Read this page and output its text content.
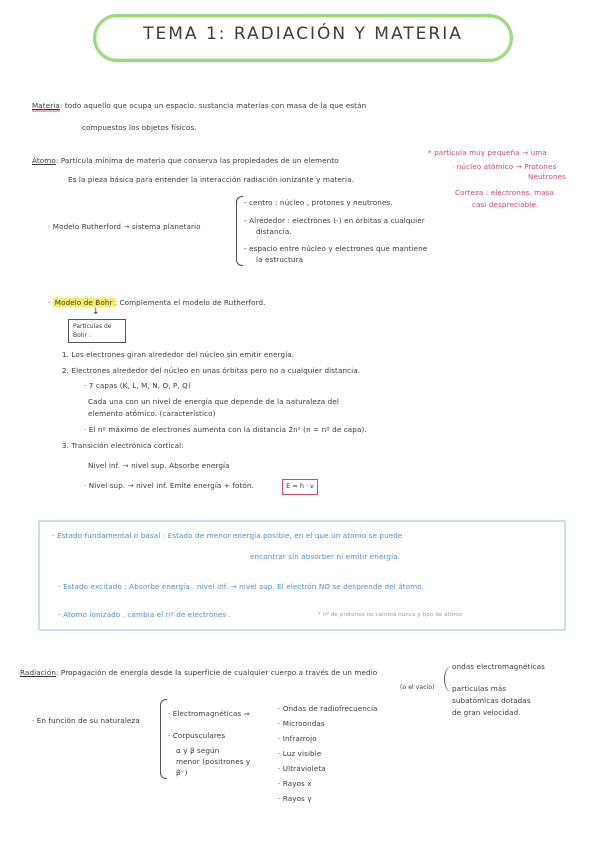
TEMA 1: RADIACIÓN Y MATERIA
Materia: todo aquello que ocupa un espacio. sustancia materias con masa de la que están
compuestos los objetos físicos.
Átomo: Partícula mínima de materia que conserva las propiedades de un elemento
Es la pieza básica para entender la interacción radiación ionizante y materia.
* partícula muy pequeña → uma
· núcleo atómico → Protones
Neutrones
Corteza : electrones. masa
casi despreciable.
· Modelo Rutherford → sistema planetario
- centro : núcleo , protones y neutrones.
- Alrededor : electrones (-) en órbitas a cualquier
distancia.
- espacio entre núcleo y electrones que mantiene
la estructura
· Modelo de Bohr : Complementa el modelo de Rutherford.
↓
Partículas de
Bohr :
1. Los electrones giran alrededor del núcleo sin emitir energía.
2. Electrones alrededor del núcleo en unas órbitas pero no a cualquier distancia.
· 7 capas (K, L, M, N, O, P, Q)
Cada una con un nivel de energía que depende de la naturaleza del
elemento atómico. (característico)
· El nº máximo de electrones aumenta con la distancia 2n² (n = nº de capa).
3. Transición electrónica cortical:
Nivel inf. → nivel sup. Absorbe energía
· Nivel sup. → nivel inf. Emite energía + fotón.	E = h · ν
- Estado fundamental o basal : Estado de menor energía posible, en el que un átomo se puede
encontrar sin absorber ni emitir energía.
- Estado excitado : Absorbe energía . nivel inf. → nivel sup. El electrón NO se desprende del átomo.
- Átomo ionizado . cambia el nº de electrones .	* nº de protones no cambia nunca y tipo de átomo
Radiación: Propagación de energía desde la superficie de cualquier cuerpo a través de un medio
(o el vacío)
ondas electromagnéticas
partículas más
subatómicas dotadas
de gran velocidad.
· En función de su naturaleza
· Electromagnéticas ⇒
· Corpusculares
α y β según
menor (positrones y
β⁻)
· Ondas de radiofrecuencia
· Microondas
· Infrarrojo
· Luz visible
· Ultravioleta
· Rayos x
· Rayos γ
